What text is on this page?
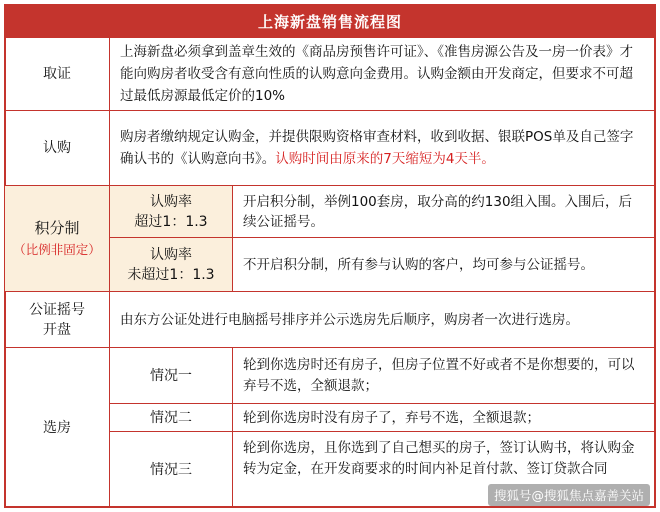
上海新盘销售流程图
取证
上海新盘必须拿到盖章生效的《商品房预售许可证》、《准售房源公告及一房一价表》才能向购房者收受含有意向性质的认购意向金费用。认购金额由开发商定，但要求不可超过最低房源最低定价的10%
认购
购房者缴纳规定认购金，并提供限购资格审查材料，收到收据、银联POS单及自己签字确认书的《认购意向书》。认购时间由原来的7天缩短为4天半。
积分制
（比例非固定）
认购率
超过1：1.3
开启积分制，举例100套房，取分高的约130组入围。入围后，后续公证摇号。
认购率
未超过1：1.3
不开启积分制，所有参与认购的客户，均可参与公证摇号。
公证摇号
开盘
由东方公证处进行电脑摇号排序并公示选房先后顺序，购房者一次进行选房。
选房
情况一
轮到你选房时还有房子，但房子位置不好或者不是你想要的，可以弃号不选，全额退款；
情况二	轮到你选房时没有房子了，弃号不选，全额退款；
情况三
轮到你选房，且你选到了自己想买的房子，签订认购书，将认购金转为定金，在开发商要求的时间内补足首付款、签订贷款合同
搜狐号@搜狐焦点嘉善关站
